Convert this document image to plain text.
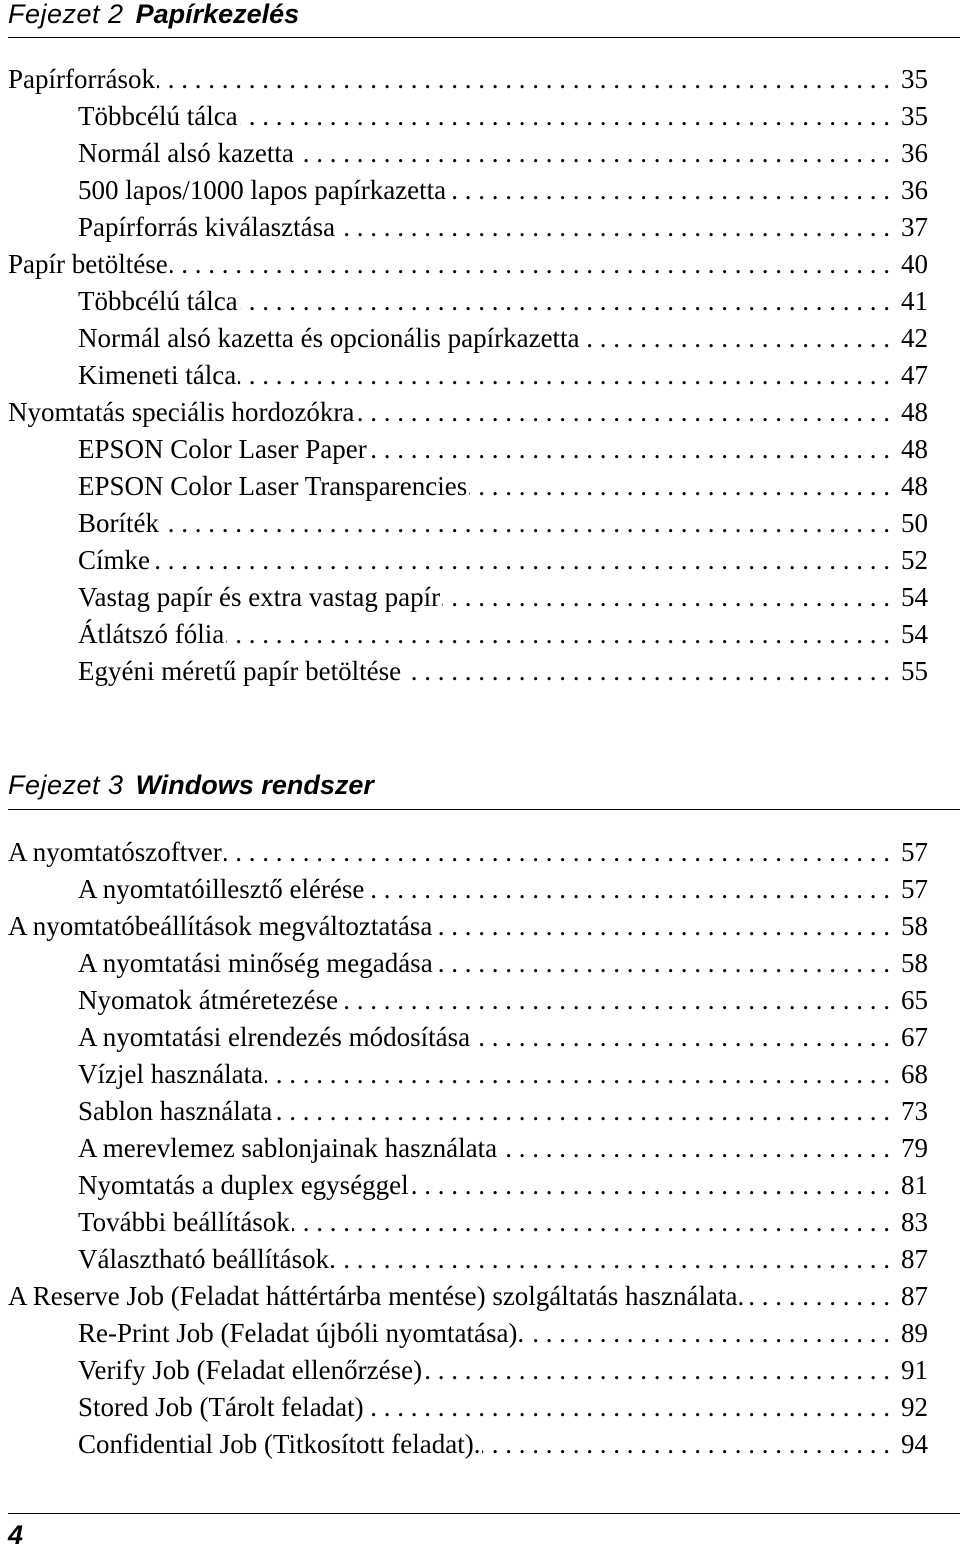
Fejezet 2 Papírkezelés
Papírforrások . . .	35
Többcélú tálca . . .	35
Normál alsó kazetta . . .	36
500 lapos/1000 lapos papírkazetta . . .	36
Papírforrás kiválasztása . . .	37
Papír betöltése . . .	40
Többcélú tálca . . .	41
Normál alsó kazetta és opcionális papírkazetta . . .	42
Kimeneti tálca . . .	47
Nyomtatás speciális hordozókra . . .	48
EPSON Color Laser Paper . . .	48
EPSON Color Laser Transparencies . . .	48
Boríték . . .	50
Címke . . .	52
Vastag papír és extra vastag papír . . .	54
Átlátszó fólia . . .	54
Egyéni méretű papír betöltése . . .	55
Fejezet 3 Windows rendszer
A nyomtatószoftver . . .	57
A nyomtatóillesztő elérése . . .	57
A nyomtatóbeállítások megváltoztatása . . .	58
A nyomtatási minőség megadása . . .	58
Nyomatok átméretezése . . .	65
A nyomtatási elrendezés módosítása . . .	67
Vízjel használata . . .	68
Sablon használata . . .	73
A merevlemez sablonjainak használata . . .	79
Nyomtatás a duplex egységgel . . .	81
További beállítások . . .	83
Választható beállítások. . . .	87
A Reserve Job (Feladat háttértárba mentése) szolgáltatás használata. . . .	87
Re-Print Job (Feladat újbóli nyomtatása). . . .	89
Verify Job (Feladat ellenőrzése) . . .	91
Stored Job (Tárolt feladat) . . .	92
Confidential Job (Titkosított feladat). . . .	94
4
